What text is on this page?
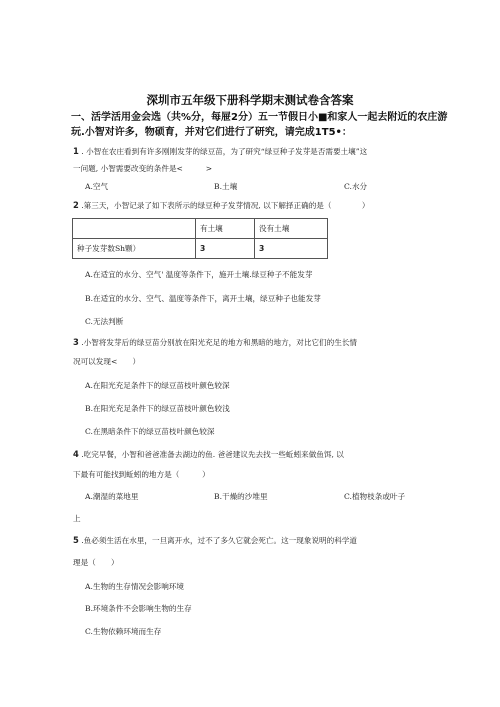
深圳市五年级下册科学期末测试卷含答案
一、活学活用金会选（共%分，每屉2分）五一节假日小■和家人一起去附近的农庄游玩.小智对许多，物硕育，并对它们进行了研究，请完成1T5•：
1 . 小智在农庄看到有许多刚刚发芽的绿豆苗，为了研究“绿豆种子发芽是否需要土壤”这
一问题, 小智需要改变的条件是<　　　>
A.空气	B.土壤	C.水分
2 .第三天，小智记录了如下表所示的绿豆种子发芽情况, 以下解择正确的是（　　　　）
	有土壤	没有土壤
种子发芽数Sh颗）	3	3
A.在适宜的水分、空气' 温度等条件下，施开土壤.绿豆种子不能发芽
B.在适宜的水分、空气、温度等条件下，离开土壤，绿豆种子也能发芽
C.无法判断
3 .小智将发芽后的绿豆苗分别放在阳光充足的地方和黑暗的地方，对比它们的生长情
况可以发现<　　）
A.在阳光充足条件下的绿豆苗枝叶颜色较深
B.在阳光充足条件下的绿豆苗枝叶颜色较浅
C.在黑暗条件下的绿豆苗枝叶颜色较深
4 .吃完早餐，小智和爸爸准备去湖边的鱼. 爸爸建议先去找一些蚯蚓来做鱼饵, 以
下最有可能找到蚯蚓的地方是（　　　）
A.潮湿的菜地里	B.干燥的沙堆里	C.植物枝条或叶子
上
5 .鱼必须生活在水里，一旦离开水，过不了多久它就会死亡。这一现象说明的科学道
理是（　　）
A.生物的生存情况会影响环境
B.环境条件不会影响生物的生存
C.生物依赖环境而生存
